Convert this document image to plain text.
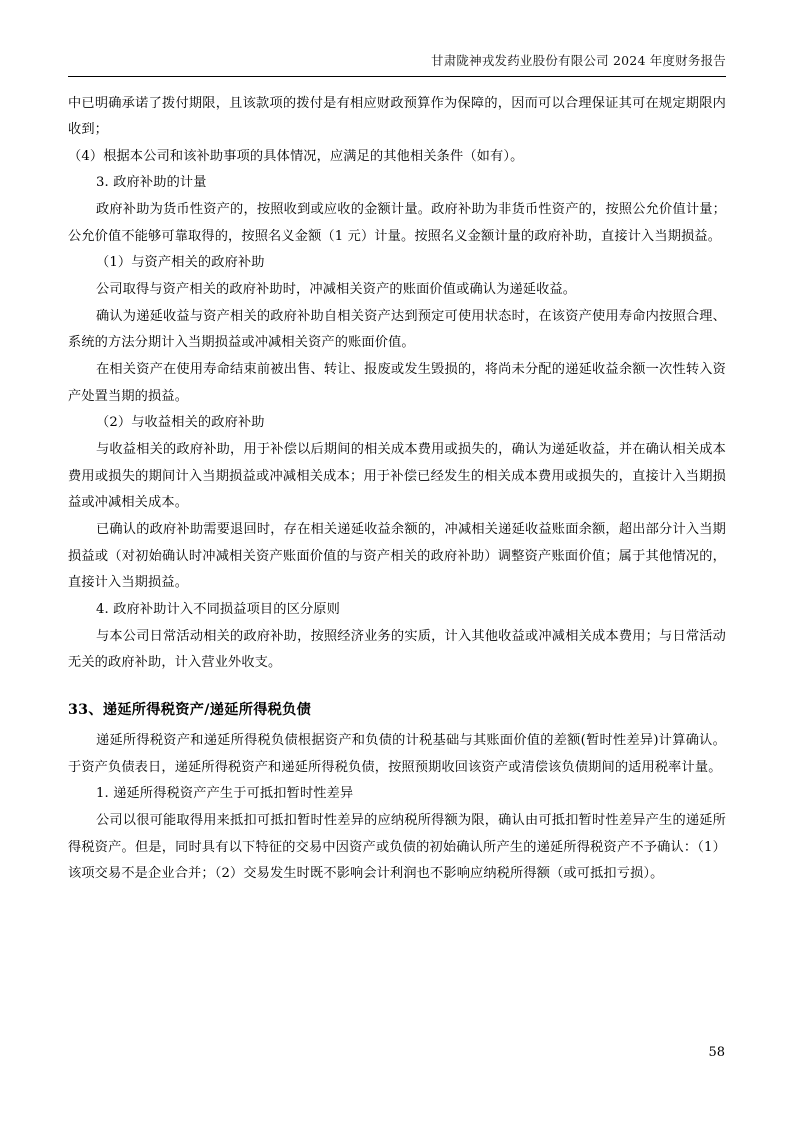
甘肃陇神戎发药业股份有限公司 2024 年度财务报告

中已明确承诺了拨付期限，且该款项的拨付是有相应财政预算作为保障的，因而可以合理保证其可在规定期限内收到；

（4）根据本公司和该补助事项的具体情况，应满足的其他相关条件（如有）。

3. 政府补助的计量

政府补助为货币性资产的，按照收到或应收的金额计量。政府补助为非货币性资产的，按照公允价值计量；公允价值不能够可靠取得的，按照名义金额（1 元）计量。按照名义金额计量的政府补助，直接计入当期损益。

（1）与资产相关的政府补助

公司取得与资产相关的政府补助时，冲减相关资产的账面价值或确认为递延收益。

确认为递延收益与资产相关的政府补助自相关资产达到预定可使用状态时，在该资产使用寿命内按照合理、系统的方法分期计入当期损益或冲减相关资产的账面价值。

在相关资产在使用寿命结束前被出售、转让、报废或发生毁损的，将尚未分配的递延收益余额一次性转入资产处置当期的损益。

（2）与收益相关的政府补助

与收益相关的政府补助，用于补偿以后期间的相关成本费用或损失的，确认为递延收益，并在确认相关成本费用或损失的期间计入当期损益或冲减相关成本；用于补偿已经发生的相关成本费用或损失的，直接计入当期损益或冲减相关成本。

已确认的政府补助需要退回时，存在相关递延收益余额的，冲减相关递延收益账面余额，超出部分计入当期损益或（对初始确认时冲减相关资产账面价值的与资产相关的政府补助）调整资产账面价值；属于其他情况的，直接计入当期损益。

4. 政府补助计入不同损益项目的区分原则

与本公司日常活动相关的政府补助，按照经济业务的实质，计入其他收益或冲减相关成本费用；与日常活动无关的政府补助，计入营业外收支。

33、递延所得税资产/递延所得税负债

递延所得税资产和递延所得税负债根据资产和负债的计税基础与其账面价值的差额(暂时性差异)计算确认。于资产负债表日，递延所得税资产和递延所得税负债，按照预期收回该资产或清偿该负债期间的适用税率计量。

1. 递延所得税资产产生于可抵扣暂时性差异

公司以很可能取得用来抵扣可抵扣暂时性差异的应纳税所得额为限，确认由可抵扣暂时性差异产生的递延所得税资产。但是，同时具有以下特征的交易中因资产或负债的初始确认所产生的递延所得税资产不予确认：（1）该项交易不是企业合并；（2）交易发生时既不影响会计利润也不影响应纳税所得额（或可抵扣亏损）。

58
